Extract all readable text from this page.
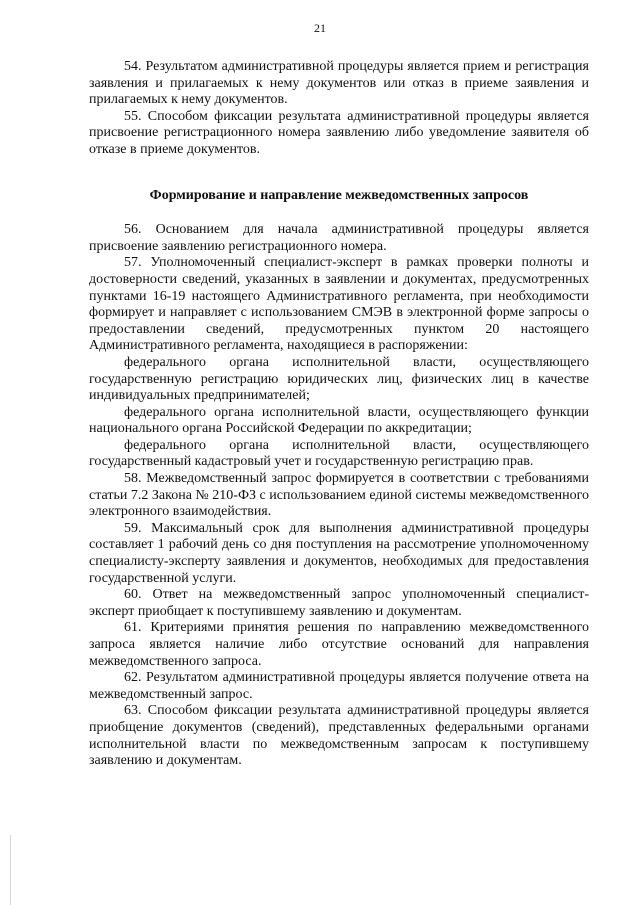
21

54. Результатом административной процедуры является прием и регистрация заявления и прилагаемых к нему документов или отказ в приеме заявления и прилагаемых к нему документов.

55. Способом фиксации результата административной процедуры является присвоение регистрационного номера заявлению либо уведомление заявителя об отказе в приеме документов.

Формирование и направление межведомственных запросов

56. Основанием для начала административной процедуры является присвоение заявлению регистрационного номера.

57. Уполномоченный специалист-эксперт в рамках проверки полноты и достоверности сведений, указанных в заявлении и документах, предусмотренных пунктами 16-19 настоящего Административного регламента, при необходимости формирует и направляет с использованием СМЭВ в электронной форме запросы о предоставлении сведений, предусмотренных пунктом 20 настоящего Административного регламента, находящиеся в распоряжении:

федерального органа исполнительной власти, осуществляющего государственную регистрацию юридических лиц, физических лиц в качестве индивидуальных предпринимателей;

федерального органа исполнительной власти, осуществляющего функции национального органа Российской Федерации по аккредитации;

федерального органа исполнительной власти, осуществляющего государственный кадастровый учет и государственную регистрацию прав.

58. Межведомственный запрос формируется в соответствии с требованиями статьи 7.2 Закона № 210-ФЗ с использованием единой системы межведомственного электронного взаимодействия.

59. Максимальный срок для выполнения административной процедуры составляет 1 рабочий день со дня поступления на рассмотрение уполномоченному специалисту-эксперту заявления и документов, необходимых для предоставления государственной услуги.

60. Ответ на межведомственный запрос уполномоченный специалист-эксперт приобщает к поступившему заявлению и документам.

61. Критериями принятия решения по направлению межведомственного запроса является наличие либо отсутствие оснований для направления межведомственного запроса.

62. Результатом административной процедуры является получение ответа на межведомственный запрос.

63. Способом фиксации результата административной процедуры является приобщение документов (сведений), представленных федеральными органами исполнительной власти по межведомственным запросам к поступившему заявлению и документам.
